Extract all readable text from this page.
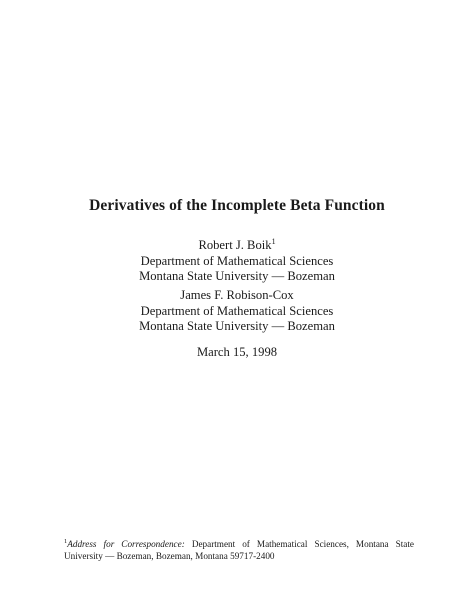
Derivatives of the Incomplete Beta Function
Robert J. Boik$^1$
Department of Mathematical Sciences
Montana State University — Bozeman
James F. Robison-Cox
Department of Mathematical Sciences
Montana State University — Bozeman
March 15, 1998
$^1$Address for Correspondence: Department of Mathematical Sciences, Montana State University — Bozeman, Bozeman, Montana 59717-2400
